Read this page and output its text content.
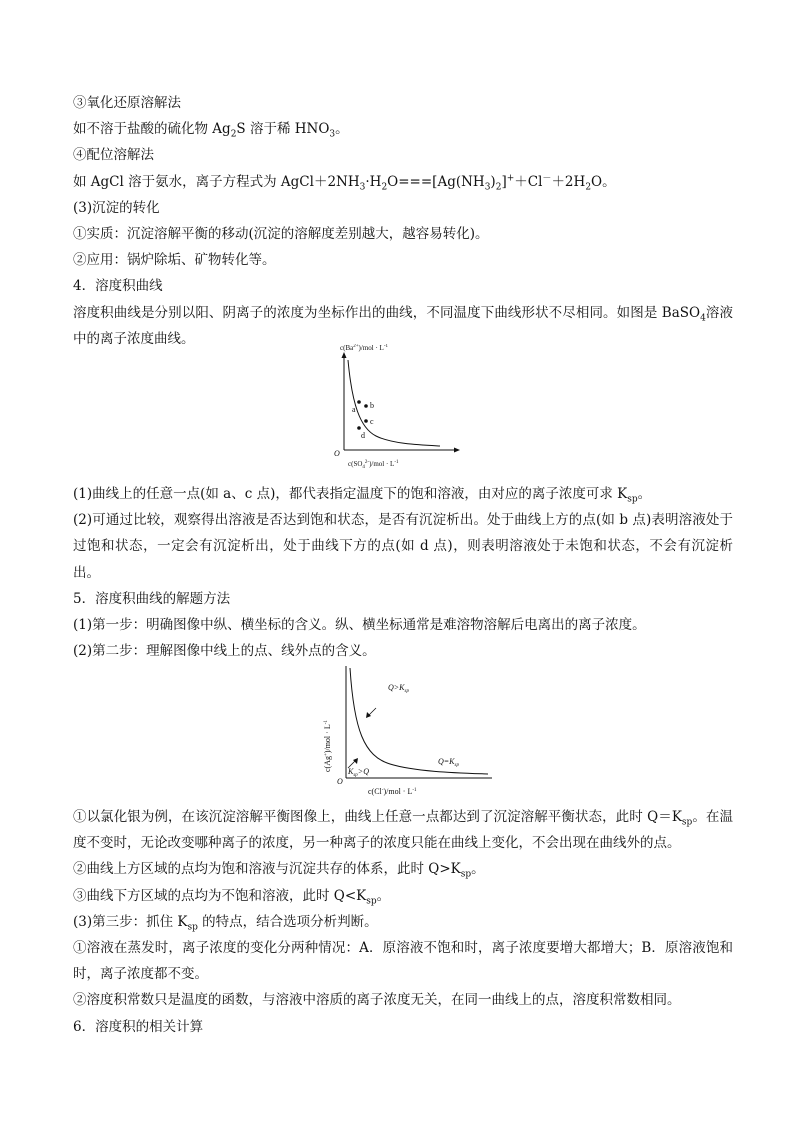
③氧化还原溶解法
如不溶于盐酸的硫化物 $Ag_2S$ 溶于稀 $HNO_3$。
④配位溶解法
如 AgCl 溶于氨水，离子方程式为 $AgCl+2NH_3\cdot H_2O===[Ag(NH_3)_2]^++Cl^-+2H_2O$。
(3)沉淀的转化
①实质：沉淀溶解平衡的移动(沉淀的溶解度差别越大，越容易转化)。
②应用：锅炉除垢、矿物转化等。
4．溶度积曲线
溶度积曲线是分别以阳、阴离子的浓度为坐标作出的曲线，不同温度下曲线形状不尽相同。如图是 BaSO$_4$溶液中的离子浓度曲线。
$c(Ba^{2+})$/mol · $L^{-1}$
O
a b
c
d
$c(SO_4^{2-})$/mol · $L^{-1}$
(1)曲线上的任意一点(如 a、c 点)，都代表指定温度下的饱和溶液，由对应的离子浓度可求 $K_{sp}$。
(2)可通过比较，观察得出溶液是否达到饱和状态，是否有沉淀析出。处于曲线上方的点(如 b 点)表明溶液处于过饱和状态，一定会有沉淀析出，处于曲线下方的点(如 d 点)，则表明溶液处于未饱和状态，不会有沉淀析出。
5．溶度积曲线的解题方法
(1)第一步：明确图像中纵、横坐标的含义。纵、横坐标通常是难溶物溶解后电离出的离子浓度。
(2)第二步：理解图像中线上的点、线外点的含义。
$c(Ag^+)/mol \cdot L^{-1}$
O
$Q>K_{sp}$
$Q=K_{sp}$
$K_{sp}>Q$
$c(Cl^-)/mol \cdot L^{-1}$
①以氯化银为例，在该沉淀溶解平衡图像上，曲线上任意一点都达到了沉淀溶解平衡状态，此时 $Q=K_{sp}$。在温度不变时，无论改变哪种离子的浓度，另一种离子的浓度只能在曲线上变化，不会出现在曲线外的点。
②曲线上方区域的点均为饱和溶液与沉淀共存的体系，此时 $Q>K_{sp}$。
③曲线下方区域的点均为不饱和溶液，此时 $Q<K_{sp}$。
(3)第三步：抓住 $K_{sp}$ 的特点，结合选项分析判断。
①溶液在蒸发时，离子浓度的变化分两种情况：A．原溶液不饱和时，离子浓度要增大都增大；B．原溶液饱和时，离子浓度都不变。
②溶度积常数只是温度的函数，与溶液中溶质的离子浓度无关，在同一曲线上的点，溶度积常数相同。
6．溶度积的相关计算
